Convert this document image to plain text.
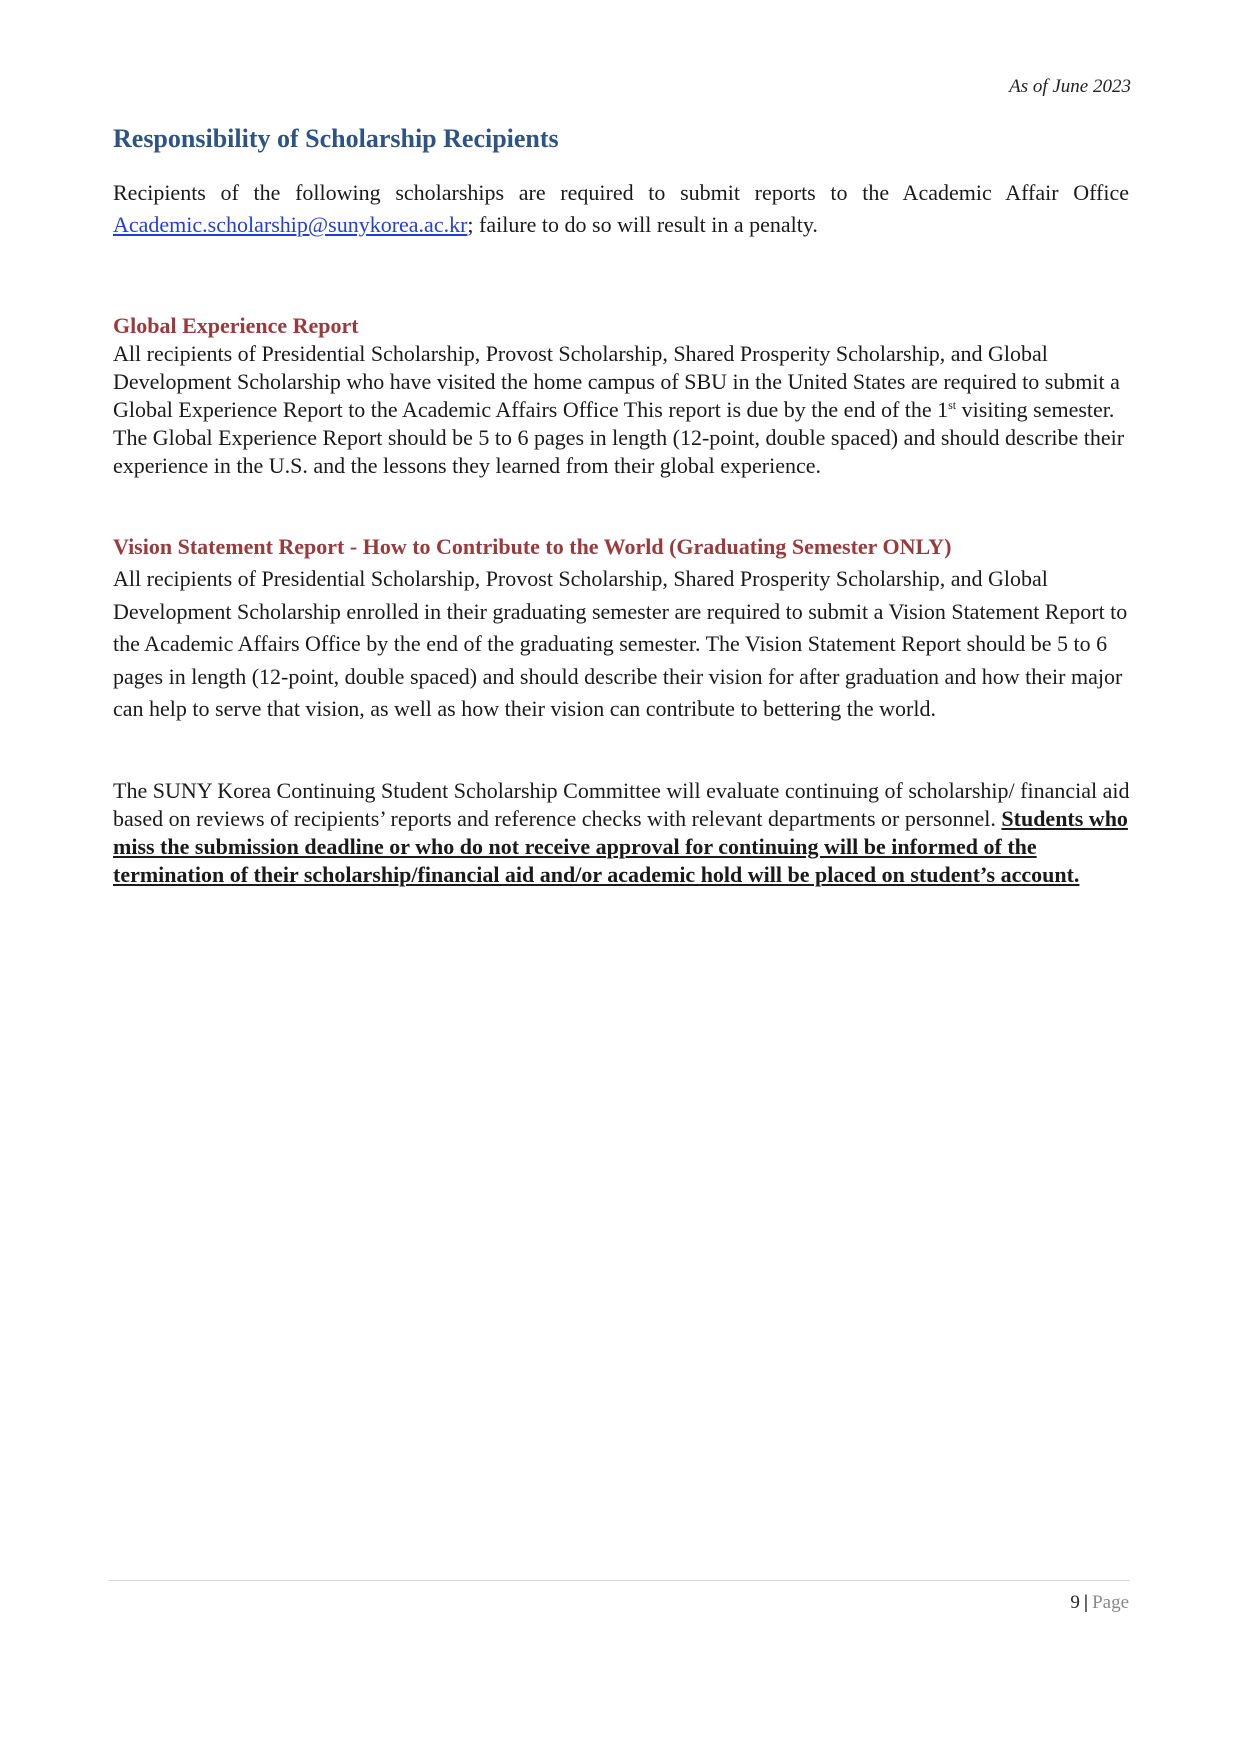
As of June 2023
Responsibility of Scholarship Recipients

Recipients of the following scholarships are required to submit reports to the Academic Affair Office Academic.scholarship@sunykorea.ac.kr; failure to do so will result in a penalty.

Global Experience Report

All recipients of Presidential Scholarship, Provost Scholarship, Shared Prosperity Scholarship, and Global Development Scholarship who have visited the home campus of SBU in the United States are required to submit a Global Experience Report to the Academic Affairs Office This report is due by the end of the 1st visiting semester. The Global Experience Report should be 5 to 6 pages in length (12-point, double spaced) and should describe their experience in the U.S. and the lessons they learned from their global experience.

Vision Statement Report - How to Contribute to the World (Graduating Semester ONLY)

All recipients of Presidential Scholarship, Provost Scholarship, Shared Prosperity Scholarship, and Global Development Scholarship enrolled in their graduating semester are required to submit a Vision Statement Report to the Academic Affairs Office by the end of the graduating semester. The Vision Statement Report should be 5 to 6 pages in length (12-point, double spaced) and should describe their vision for after graduation and how their major can help to serve that vision, as well as how their vision can contribute to bettering the world.

The SUNY Korea Continuing Student Scholarship Committee will evaluate continuing of scholarship/ financial aid based on reviews of recipients’ reports and reference checks with relevant departments or personnel. Students who miss the submission deadline or who do not receive approval for continuing will be informed of the termination of their scholarship/financial aid and/or academic hold will be placed on student’s account.

9 | Page
